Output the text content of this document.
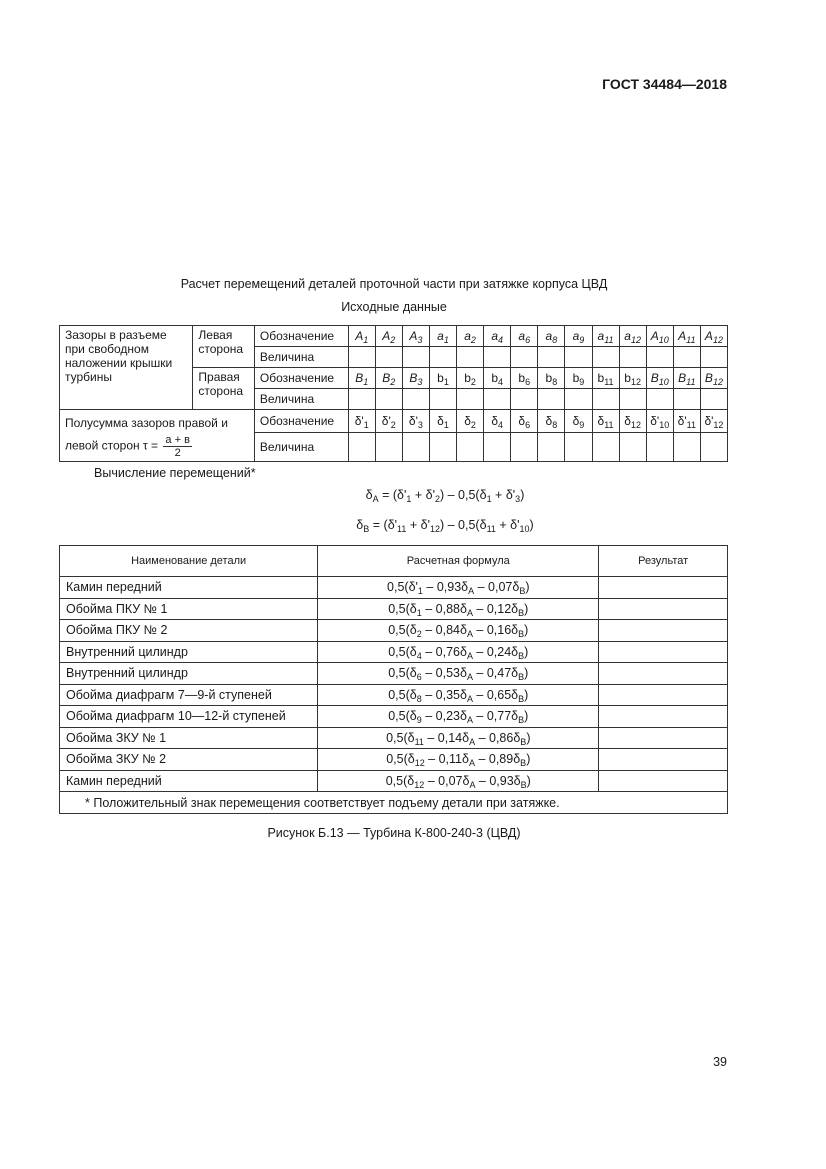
ГОСТ 34484—2018
Расчет перемещений деталей проточной части при затяжке корпуса ЦВД
Исходные данные
Зазоры в разъеме при свободном наложении крышки турбины	Левая сторона	Обозначение	$A_1$	$A_2$	$A_3$	$a_1$	$a_2$	$a_4$	$a_6$	$a_8$	$a_9$	$a_{11}$	$a_{12}$	$A_{10}$	$A_{11}$	$A_{12}$
		Величина														
	Правая сторона	Обозначение	$B_1$	$B_2$	$B_3$	$b_1$	$b_2$	$b_4$	$b_6$	$b_8$	$b_9$	$b_{11}$	$b_{12}$	$B_{10}$	$B_{11}$	$B_{12}$
		Величина														
Полусумма зазоров правой и левой сторон $\tau = \frac{a + в}{2}$		Обозначение	$\delta'_1$	$\delta'_2$	$\delta'_3$	$\delta_1$	$\delta_2$	$\delta_4$	$\delta_6$	$\delta_8$	$\delta_9$	$\delta_{11}$	$\delta_{12}$	$\delta'_{10}$	$\delta'_{11}$	$\delta'_{12}$
		Величина														
Вычисление перемещений*
$\delta_A = (\delta'_1 + \delta'_2) - 0,5(\delta_1 + \delta'_3)$
$\delta_B = (\delta'_{11} + \delta'_{12}) - 0,5(\delta_{11} + \delta'_{10})$
Наименование детали	Расчетная формула	Результат
Камин передний	$0,5(\delta'_1 - 0,93\delta_A - 0,07\delta_B)$	
Обойма ПКУ № 1	$0,5(\delta_1 - 0,88\delta_A - 0,12\delta_B)$	
Обойма ПКУ № 2	$0,5(\delta_2 - 0,84\delta_A - 0,16\delta_B)$	
Внутренний цилиндр	$0,5(\delta_4 - 0,76\delta_A - 0,24\delta_B)$	
Внутренний цилиндр	$0,5(\delta_6 - 0,53\delta_A - 0,47\delta_B)$	
Обойма диафрагм 7—9-й ступеней	$0,5(\delta_8 - 0,35\delta_A - 0,65\delta_B)$	
Обойма диафрагм 10—12-й ступеней	$0,5(\delta_9 - 0,23\delta_A - 0,77\delta_B)$	
Обойма ЗКУ № 1	$0,5(\delta_{11} - 0,14\delta_A - 0,86\delta_B)$	
Обойма ЗКУ № 2	$0,5(\delta_{12} - 0,11\delta_A - 0,89\delta_B)$	
Камин передний	$0,5(\delta_{12} - 0,07\delta_A - 0,93\delta_B)$	
* Положительный знак перемещения соответствует подъему детали при затяжке.		
Рисунок Б.13 — Турбина К-800-240-3 (ЦВД)
39
